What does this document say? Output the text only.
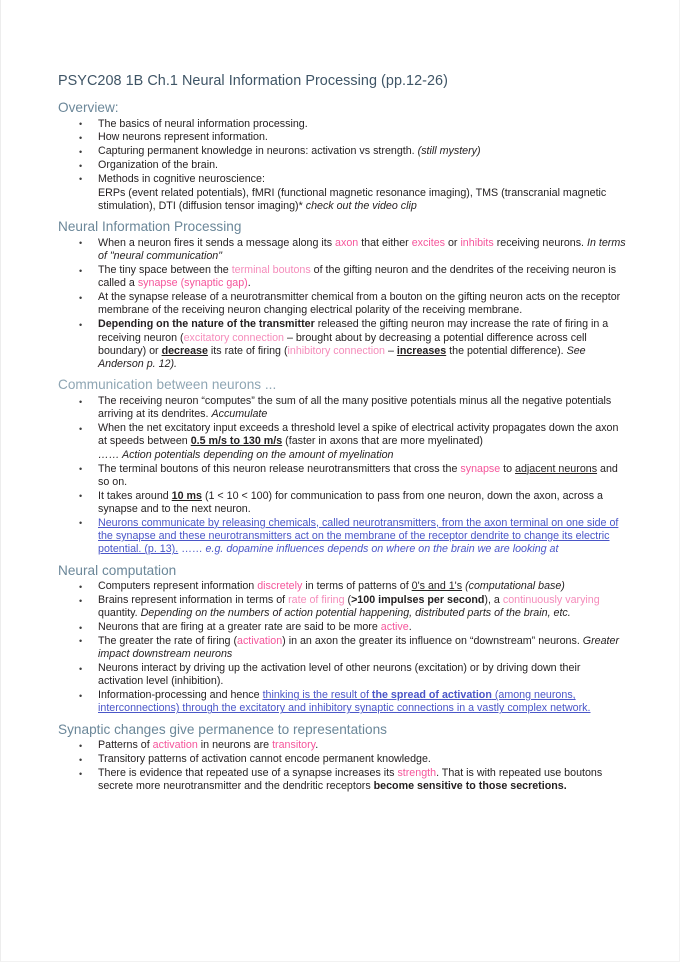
PSYC208 1B Ch.1 Neural Information Processing (pp.12-26)
Overview:
• The basics of neural information processing.
• How neurons represent information.
• Capturing permanent knowledge in neurons: activation vs strength. (still mystery)
• Organization of the brain.
• Methods in cognitive neuroscience:
ERPs (event related potentials), fMRI (functional magnetic resonance imaging), TMS (transcranial magnetic stimulation), DTI (diffusion tensor imaging)* check out the video clip
Neural Information Processing
• When a neuron fires it sends a message along its axon that either excites or inhibits receiving neurons. In terms of "neural communication"
• The tiny space between the terminal boutons of the gifting neuron and the dendrites of the receiving neuron is called a synapse (synaptic gap).
• At the synapse release of a neurotransmitter chemical from a bouton on the gifting neuron acts on the receptor membrane of the receiving neuron changing electrical polarity of the receiving membrane.
• Depending on the nature of the transmitter released the gifting neuron may increase the rate of firing in a receiving neuron (excitatory connection – brought about by decreasing a potential difference across cell boundary) or decrease its rate of firing (inhibitory connection – increases the potential difference). See Anderson p. 12).
Communication between neurons ...
• The receiving neuron “computes” the sum of all the many positive potentials minus all the negative potentials arriving at its dendrites. Accumulate
• When the net excitatory input exceeds a threshold level a spike of electrical activity propagates down the axon at speeds between 0.5 m/s to 130 m/s (faster in axons that are more myelinated)
…… Action potentials depending on the amount of myelination
• The terminal boutons of this neuron release neurotransmitters that cross the synapse to adjacent neurons and so on.
• It takes around 10 ms (1 < 10 < 100) for communication to pass from one neuron, down the axon, across a synapse and to the next neuron.
• Neurons communicate by releasing chemicals, called neurotransmitters, from the axon terminal on one side of the synapse and these neurotransmitters act on the membrane of the receptor dendrite to change its electric potential. (p. 13). …… e.g. dopamine influences depends on where on the brain we are looking at
Neural computation
• Computers represent information discretely in terms of patterns of 0's and 1's (computational base)
• Brains represent information in terms of rate of firing (>100 impulses per second), a continuously varying quantity. Depending on the numbers of action potential happening, distributed parts of the brain, etc.
• Neurons that are firing at a greater rate are said to be more active.
• The greater the rate of firing (activation) in an axon the greater its influence on “downstream” neurons. Greater impact downstream neurons
• Neurons interact by driving up the activation level of other neurons (excitation) or by driving down their activation level (inhibition).
• Information-processing and hence thinking is the result of the spread of activation (among neurons, interconnections) through the excitatory and inhibitory synaptic connections in a vastly complex network.
Synaptic changes give permanence to representations
• Patterns of activation in neurons are transitory.
• Transitory patterns of activation cannot encode permanent knowledge.
• There is evidence that repeated use of a synapse increases its strength. That is with repeated use boutons secrete more neurotransmitter and the dendritic receptors become sensitive to those secretions.
